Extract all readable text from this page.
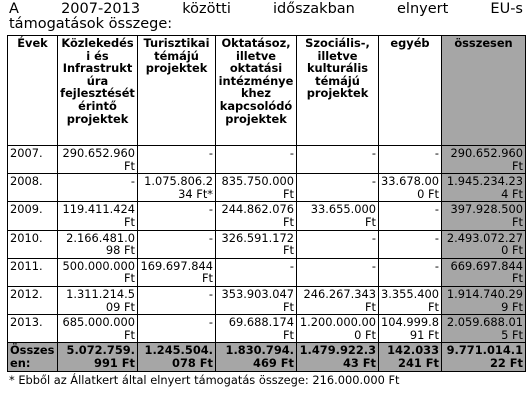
A 2007-2013 közötti időszakban elnyert EU-s
támogatások összege:
Évek	Közlekedési és Infrastruktúra fejlesztését érintő projektek	Turisztikai témájú projektek	Oktatásoz, illetve oktatási intézményekhez kapcsolódó projektek	Szociális-, illetve kulturális témájú projektek	egyéb	összesen
2007.	290.652.960 Ft	-	-	-	-	290.652.960 Ft
2008.	-	1.075.806.234 Ft*	835.750.000 Ft	-	33.678.000 Ft	1.945.234.234 Ft
2009.	119.411.424 Ft	-	244.862.076 Ft	33.655.000 Ft	-	397.928.500 Ft
2010.	2.166.481.098 Ft	-	326.591.172 Ft	-	-	2.493.072.270 Ft
2011.	500.000.000 Ft	169.697.844 Ft	-	-	-	669.697.844 Ft
2012.	1.311.214.509 Ft	-	353.903.047 Ft	246.267.343Ft	3.355.400 Ft	1.914.740.299 Ft
2013.	685.000.000 Ft	-	69.688.174 Ft	1.200.000.000 Ft	104.999.891 Ft	2.059.688.015 Ft
Összesen:	5.072.759.991 Ft	1.245.504.078 Ft	1.830.794.469 Ft	1.479.922.343 Ft	142.033241 Ft	9.771.014.122 Ft
* Ebből az Állatkert által elnyert támogatás összege: 216.000.000 Ft
